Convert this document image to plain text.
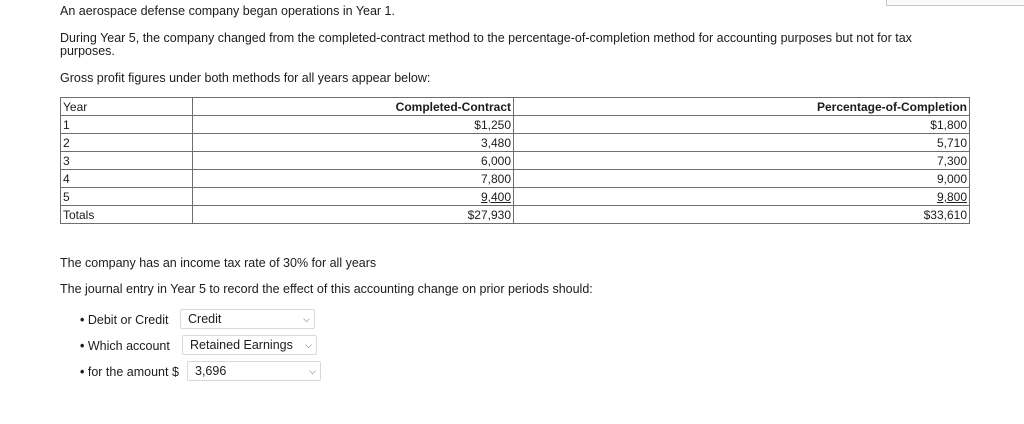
An aerospace defense company began operations in Year 1.
During Year 5, the company changed from the completed-contract method to the percentage-of-completion method for accounting purposes but not for tax
purposes.
Gross profit figures under both methods for all years appear below:
Year	Completed-Contract	Percentage-of-Completion
1	$1,250	$1,800
2	3,480	5,710
3	6,000	7,300
4	7,800	9,000
5	9,400	9,800
Totals	$27,930	$33,610
The company has an income tax rate of 30% for all years
The journal entry in Year 5 to record the effect of this accounting change on prior periods should:
• Debit or Credit	Credit	⌵
• Which account	Retained Earnings ⌵
• for the amount $	3,696	⌵
